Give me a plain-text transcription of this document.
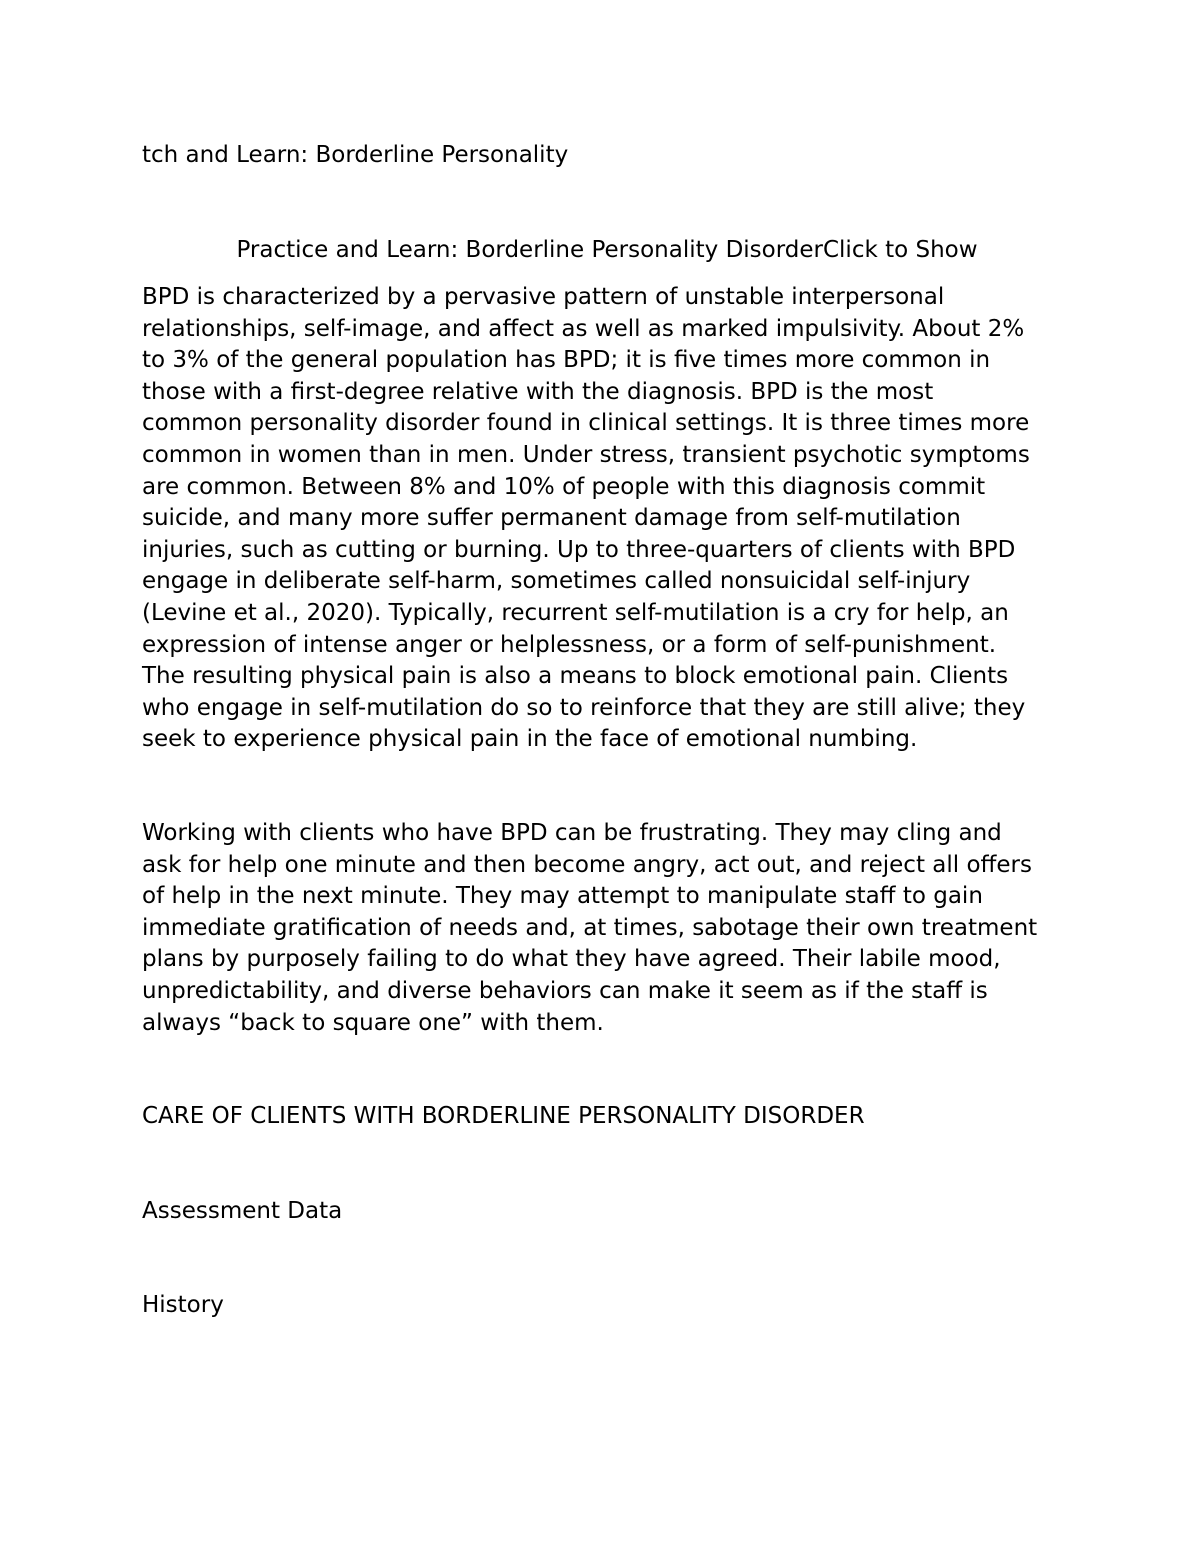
tch and Learn: Borderline Personality

Practice and Learn: Borderline Personality DisorderClick to Show

BPD is characterized by a pervasive pattern of unstable interpersonal
relationships, self-image, and affect as well as marked impulsivity. About 2%
to 3% of the general population has BPD; it is five times more common in
those with a first-degree relative with the diagnosis. BPD is the most
common personality disorder found in clinical settings. It is three times more
common in women than in men. Under stress, transient psychotic symptoms
are common. Between 8% and 10% of people with this diagnosis commit
suicide, and many more suffer permanent damage from self-mutilation
injuries, such as cutting or burning. Up to three-quarters of clients with BPD
engage in deliberate self-harm, sometimes called nonsuicidal self-injury
(Levine et al., 2020). Typically, recurrent self-mutilation is a cry for help, an
expression of intense anger or helplessness, or a form of self-punishment.
The resulting physical pain is also a means to block emotional pain. Clients
who engage in self-mutilation do so to reinforce that they are still alive; they
seek to experience physical pain in the face of emotional numbing.
Working with clients who have BPD can be frustrating. They may cling and
ask for help one minute and then become angry, act out, and reject all offers
of help in the next minute. They may attempt to manipulate staff to gain
immediate gratification of needs and, at times, sabotage their own treatment
plans by purposely failing to do what they have agreed. Their labile mood,
unpredictability, and diverse behaviors can make it seem as if the staff is
always “back to square one” with them.

CARE OF CLIENTS WITH BORDERLINE PERSONALITY DISORDER

Assessment Data

History
